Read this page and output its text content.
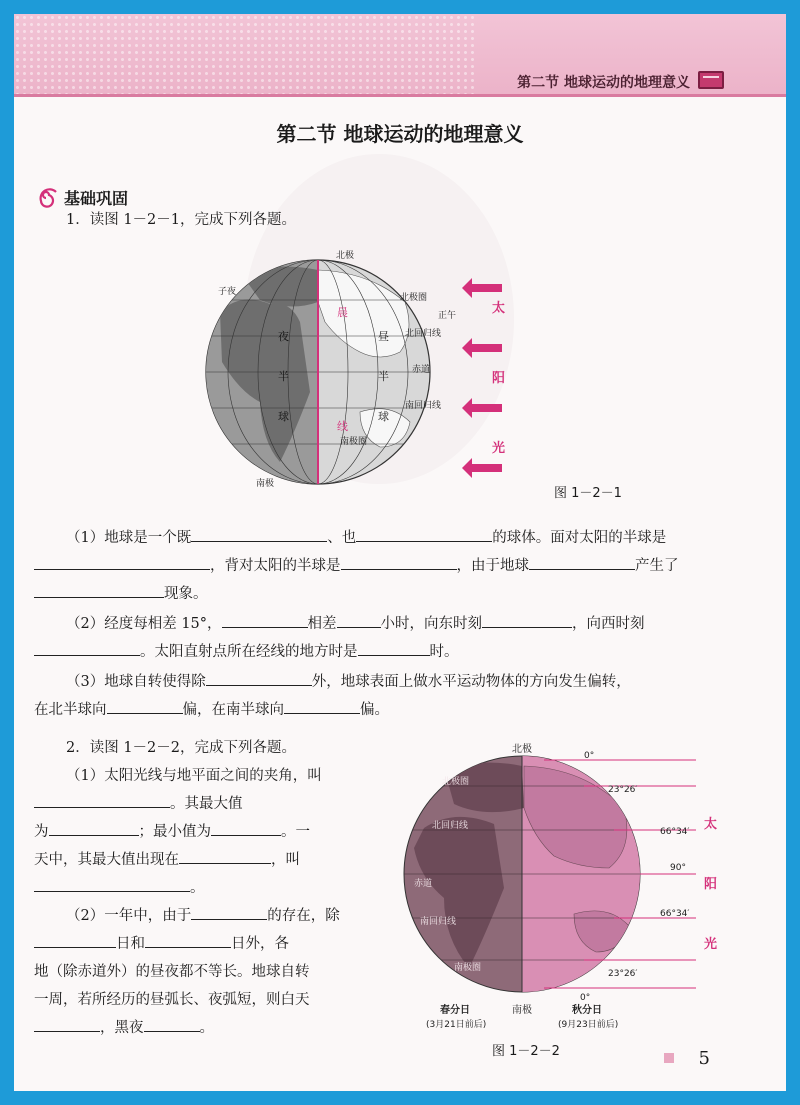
第二节 地球运动的地理意义
第二节 地球运动的地理意义
基础巩固
1．读图 1－2－1，完成下列各题。
北极
南极
子夜
正午
夜
半
球
昼
半
球
晨
线
北极圈
北回归线
赤道
南回归线
南极圈
太
阳
光
图 1－2－1
（1）地球是一个既	、也	的球体。面对太阳的半球是
，背对太阳的半球是	，由于地球	产生了
现象。
（2）经度每相差 15°，	相差	小时，向东时刻	，向西时刻
。太阳直射点所在经线的地方时是	时。
（3）地球自转使得除	外，地球表面上做水平运动物体的方向发生偏转，
在北半球向	偏，在南半球向	偏。
2．读图 1－2－2，完成下列各题。
（1）太阳光线与地平面之间的夹角，叫
。其最大值
为	；最小值为	。一
天中，其最大值出现在	，叫
。
（2）一年中，由于	的存在，除
日和	日外，各
地（除赤道外）的昼夜都不等长。地球自转
一周，若所经历的昼弧长、夜弧短，则白天
，黑夜	。
北极
南极
北极圈
北回归线
赤道
南回归线
南极圈
0°
23°26′
66°34′
90°
66°34′
23°26′
0°
太
阳
光
春分日
(3月21日前后)
秋分日
(9月23日前后)
图 1－2－2	5
